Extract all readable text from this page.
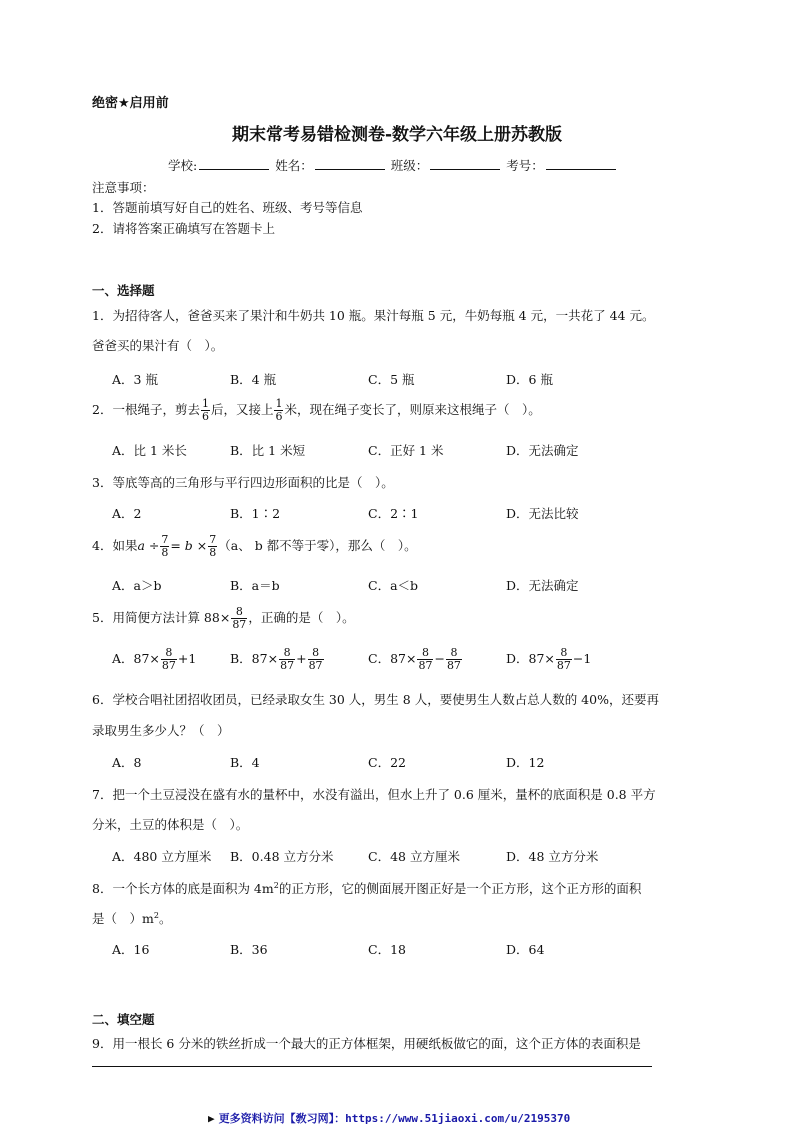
绝密★启用前
期末常考易错检测卷-数学六年级上册苏教版
学校:	姓名：	班级：	考号：
注意事项：
1．答题前填写好自己的姓名、班级、考号等信息
2．请将答案正确填写在答题卡上
一、选择题
1．为招待客人，爸爸买来了果汁和牛奶共 10 瓶。果汁每瓶 5 元，牛奶每瓶 4 元，一共花了 44 元。
爸爸买的果汁有（　）。
A．3 瓶	B．4 瓶	C．5 瓶	D．6 瓶
2．一根绳子，剪去 $\frac{1}{6}$ 后，又接上 $\frac{1}{6}$ 米，现在绳子变长了，则原来这根绳子（　）。
A．比 1 米长	B．比 1 米短	C．正好 1 米	D．无法确定
3．等底等高的三角形与平行四边形面积的比是（　）。
A．2	B．1∶2	C．2∶1	D．无法比较
4．如果$a \div \frac{7}{8} = b \times \frac{7}{8} (a$、 b 都不等于零），那么（　）。
A．a＞b	B．a＝b	C．a＜b	D．无法确定
5．用简便方法计算 $88\times \frac{8}{87}$ ，正确的是（　）。
A．$87\times \frac{8}{87} +1$	B．$87\times \frac{8}{87} + \frac{8}{87}$	C．$87\times \frac{8}{87} - \frac{8}{87}$	D．$87\times \frac{8}{87} -1$
6．学校合唱社团招收团员，已经录取女生 30 人，男生 8 人，要使男生人数占总人数的 40%，还要再
录取男生多少人？（　）
A．8	B．4	C．22	D．12
7．把一个土豆浸没在盛有水的量杯中，水没有溢出，但水上升了 0.6 厘米，量杯的底面积是 0.8 平方
分米，土豆的体积是（　）。
A．480 立方厘米 B．0.48 立方分米	C．48 立方厘米	D．48 立方分米
8．一个长方体的底是面积为 $4m^2$的正方形，它的侧面展开图正好是一个正方形，这个正方形的面积
是（　）$m^2$。
A．16	B．36	C．18	D．64
二、填空题
9．用一根长 6 分米的铁丝折成一个最大的正方体框架，用硬纸板做它的面，这个正方体的表面积是
▶ 更多资料访问【敎习网】：https://www.51jiaoxi.com/u/2195370
